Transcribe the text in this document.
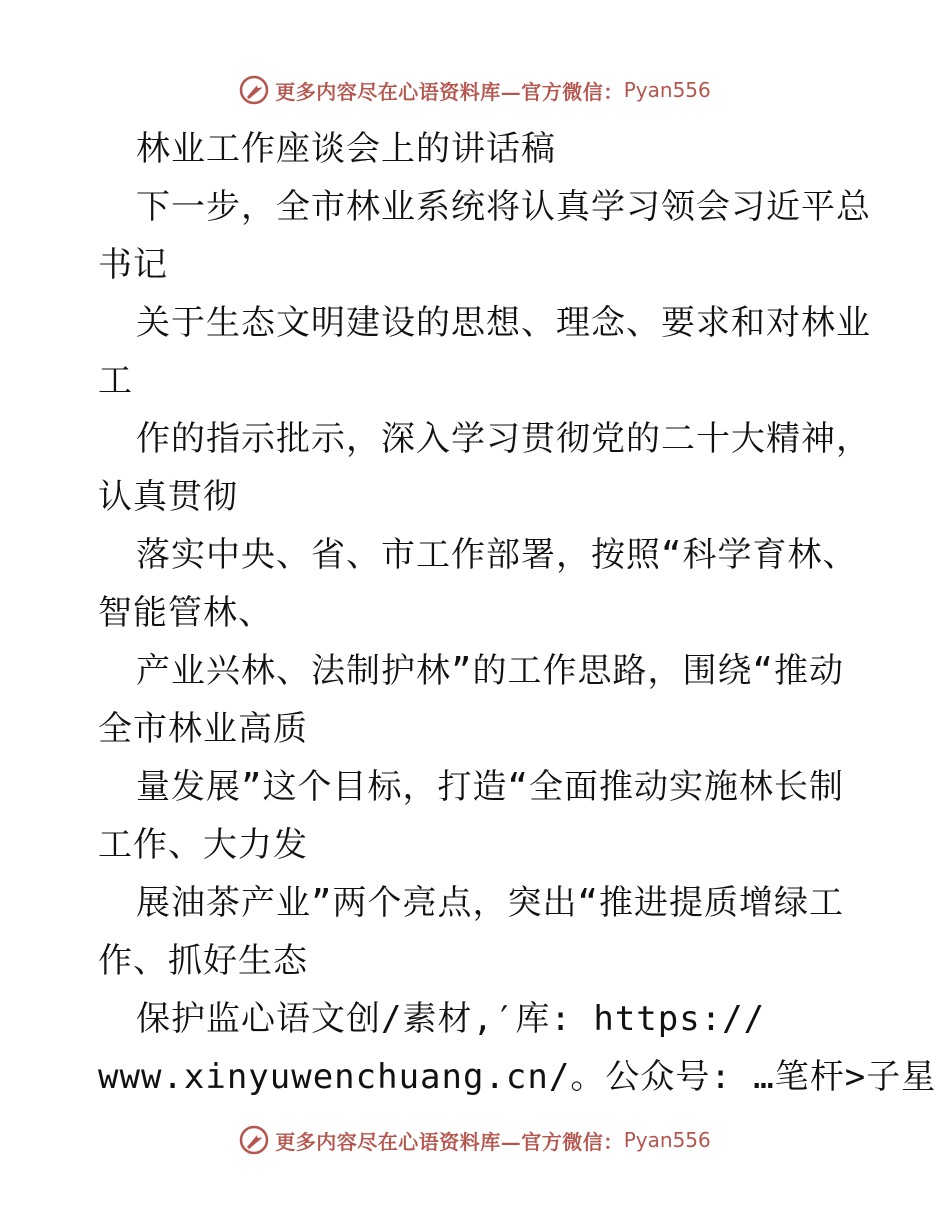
更多内容尽在心语资料库—官方微信： Pyan556
林业工作座谈会上的讲话稿
下一步，全市林业系统将认真学习领会习近平总
书记
关于生态文明建设的思想、理念、要求和对林业
工
作的指示批示，深入学习贯彻党的二十大精神，
认真贯彻
落实中央、省、市工作部署，按照“科学育林、
智能管林、
产业兴林、法制护林”的工作思路，围绕“推动
全市林业高质
量发展”这个目标，打造“全面推动实施林长制
工作、大力发
展油茶产业”两个亮点，突出“推进提质增绿工
作、抓好生态
保护监心语文创/素材,′库: https://
www.xinyuwenchuang.cn/。公众号: …笔杆>子星
更多内容尽在心语资料库—官方微信： Pyan556
